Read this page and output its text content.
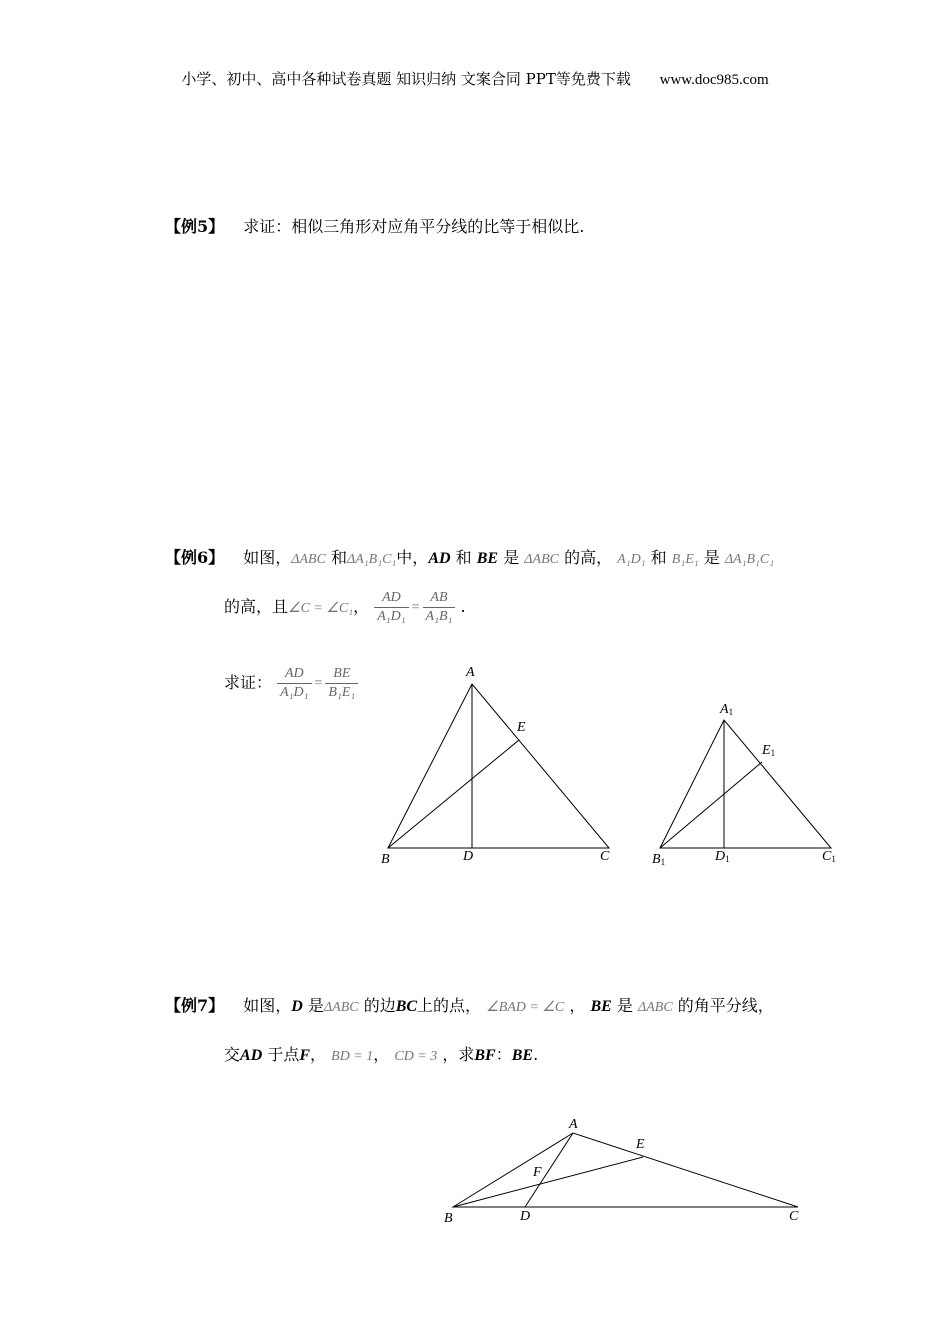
小学、初中、高中各种试卷真题 知识归纳 文案合同 PPT等免费下载 www.doc985.com
【例5】 求证：相似三角形对应角平分线的比等于相似比.
【例6】 如图，ΔABC 和ΔA₁B₁C₁中，AD 和 BE 是 ΔABC 的高， A₁D₁ 和 B₁E₁ 是 ΔA₁B₁C₁
的高，且∠C = ∠C₁， $\frac{AD}{\text{A₁D₁}} = \frac{AB}{\text{A₁B₁}}$ .
求证： $\frac{AD}{\text{A₁D₁}} = \frac{BE}{\text{B₁E₁}}$	A
B	C
D
E
A1
B1	C1
D1
E1
【例7】 如图，D 是ΔABC 的边BC上的点， ∠BAD = ∠C ， BE 是 ΔABC 的角平分线，
交AD 于点F， BD = 1， CD = 3 ，求BF：BE.
A
B	C
D
E
F
